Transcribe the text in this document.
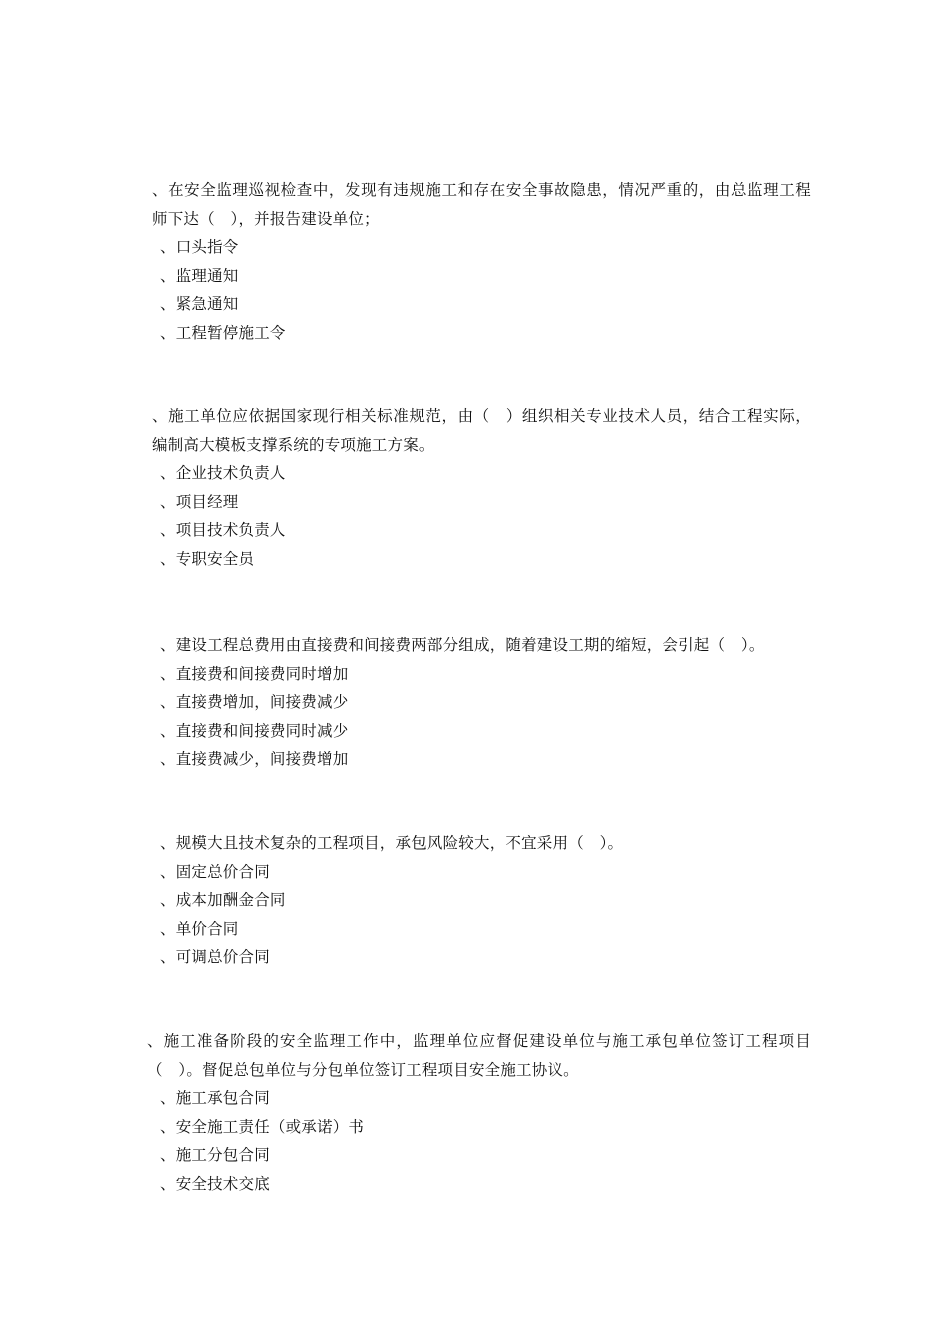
、在安全监理巡视检查中，发现有违规施工和存在安全事故隐患，情况严重的，由总监理工程师下达（　），并报告建设单位；

、口头指令
、监理通知
、紧急通知
、工程暂停施工令

、施工单位应依据国家现行相关标准规范，由（　）组织相关专业技术人员，结合工程实际，编制高大模板支撑系统的专项施工方案。

、企业技术负责人
、项目经理
、项目技术负责人
、专职安全员

、建设工程总费用由直接费和间接费两部分组成，随着建设工期的缩短，会引起（　）。

、直接费和间接费同时增加
、直接费增加，间接费减少
、直接费和间接费同时减少
、直接费减少，间接费增加

、规模大且技术复杂的工程项目，承包风险较大，不宜采用（　）。

、固定总价合同
、成本加酬金合同
、单价合同
、可调总价合同

、施工准备阶段的安全监理工作中，监理单位应督促建设单位与施工承包单位签订工程项目（　）。督促总包单位与分包单位签订工程项目安全施工协议。

、施工承包合同
、安全施工责任（或承诺）书
、施工分包合同
、安全技术交底
